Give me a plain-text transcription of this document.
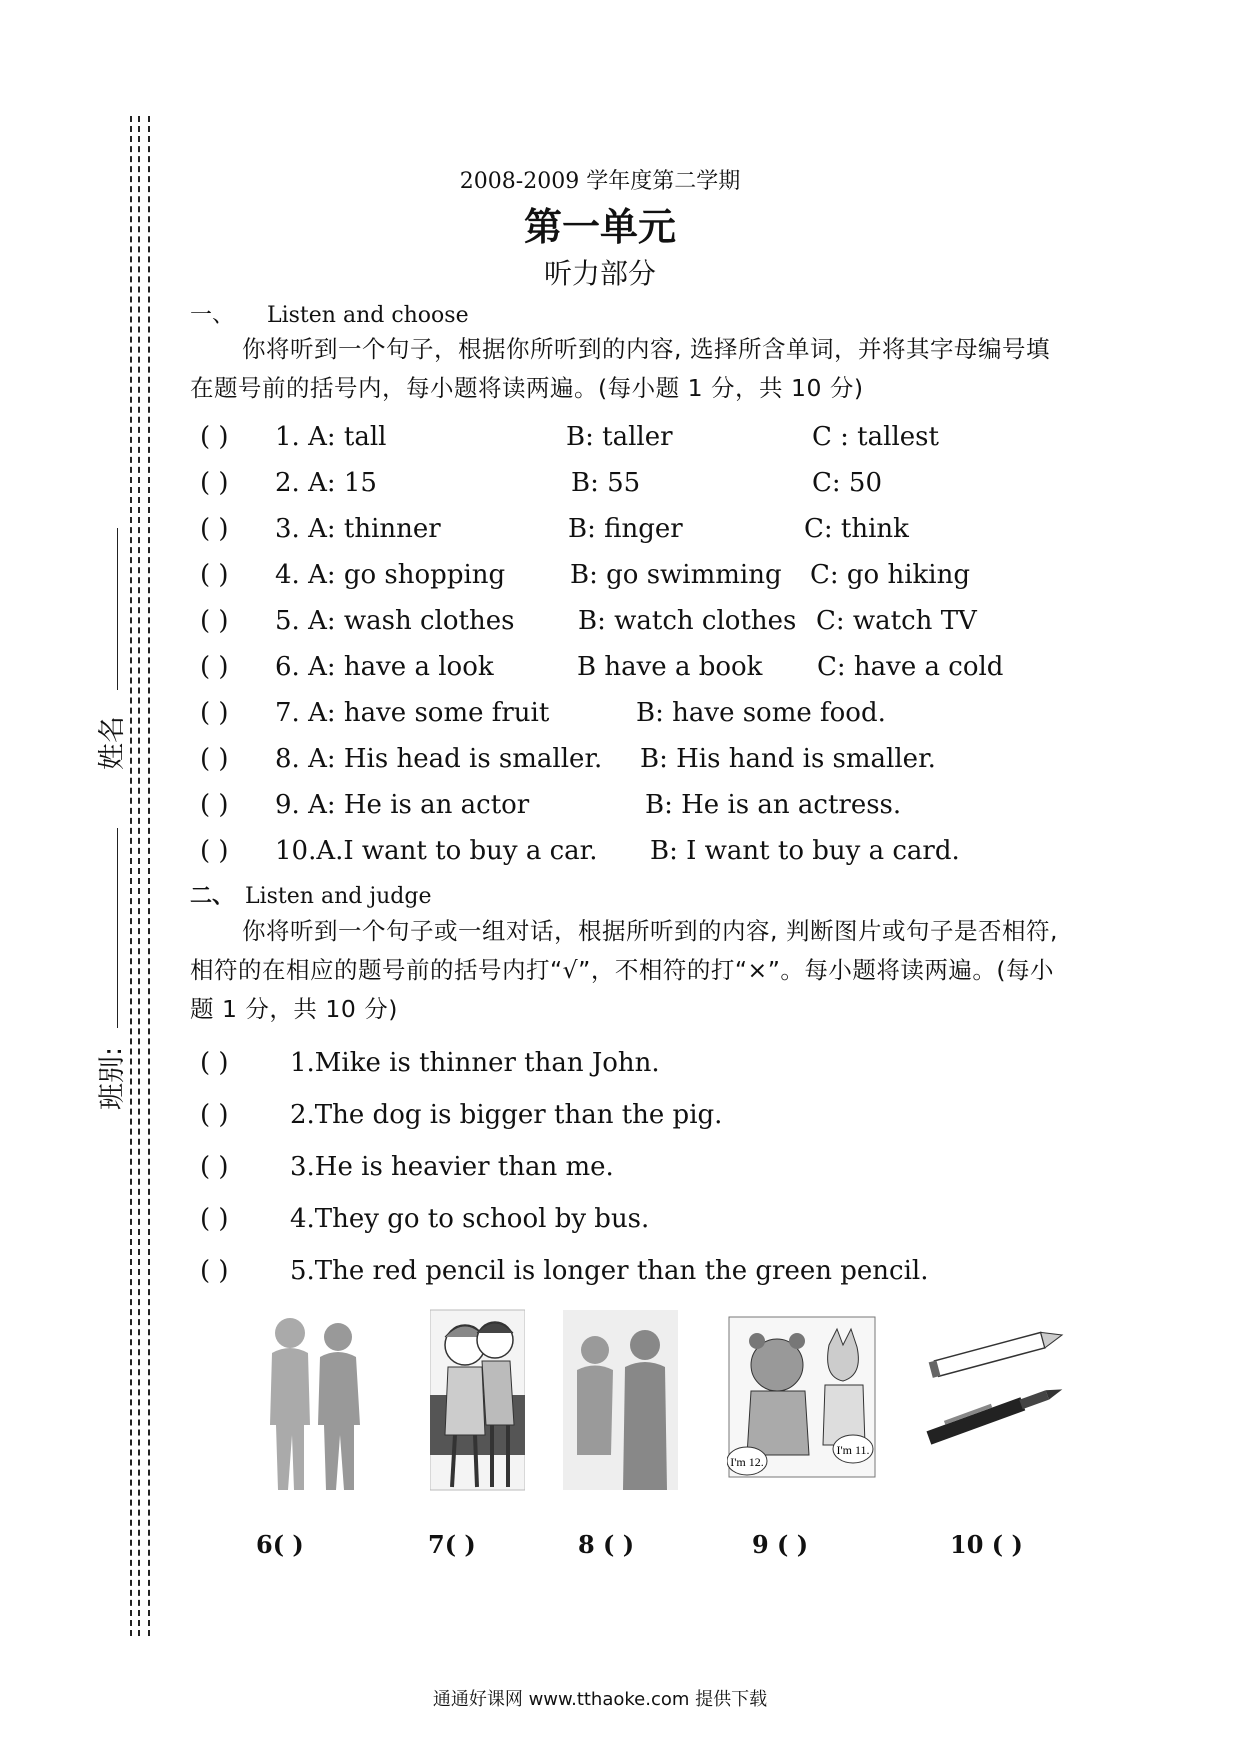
姓名
班别:
2008-2009 学年度第二学期
第一单元
听力部分
一、 Listen and choose
你将听到一个句子，根据你所听到的内容, 选择所含单词，并将其字母编号填在题号前的括号内，每小题将读两遍。(每小题 1 分，共 10 分)
( ) 1. A: tall	B: taller	C : tallest
( ) 2. A: 15	B: 55	C: 50
( ) 3. A: thinner	B: finger	C: think
( ) 4. A: go shopping B: go swimming C: go hiking
( ) 5. A: wash clothes B: watch clothes C: watch TV
( ) 6. A: have a look	B have a book C: have a cold
( ) 7. A: have some fruit	B: have some food.
( ) 8. A: His head is smaller. B: His hand is smaller.
( ) 9. A: He is an actor	B: He is an actress.
( ) 10.A.I want to buy a car. B: I want to buy a card.
二、 Listen and judge
你将听到一个句子或一组对话，根据所听到的内容, 判断图片或句子是否相符, 相符的在相应的题号前的括号内打“√”，不相符的打“×”。每小题将读两遍。(每小题 1 分，共 10 分)
( ) 1.Mike is thinner than John.
( ) 2.The dog is bigger than the pig.
( ) 3.He is heavier than me.
( ) 4.They go to school by bus.
( ) 5.The red pencil is longer than the green pencil.
I'm 12.
I'm 11.
6( )	7( )	8 ( )	9 ( )	10 ( )
通通好课网 www.tthaoke.com 提供下载
